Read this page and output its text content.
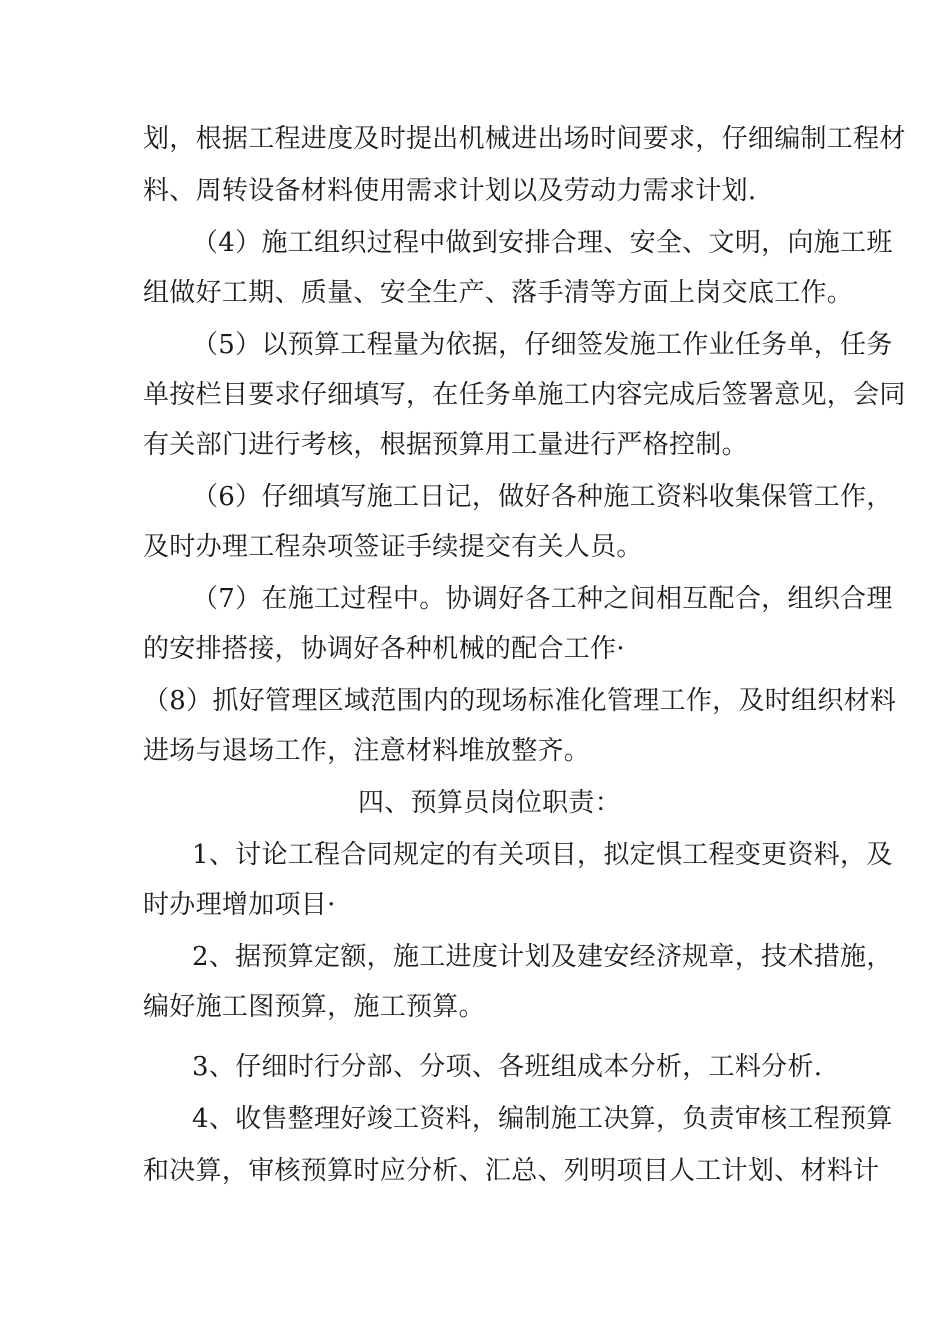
划，根据工程进度及时提出机械进出场时间要求，仔细编制工程材
料、周转设备材料使用需求计划以及劳动力需求计划.
（4）施工组织过程中做到安排合理、安全、文明，向施工班
组做好工期、质量、安全生产、落手清等方面上岗交底工作。
（5）以预算工程量为依据，仔细签发施工作业任务单，任务
单按栏目要求仔细填写，在任务单施工内容完成后签署意见，会同
有关部门进行考核，根据预算用工量进行严格控制。
（6）仔细填写施工日记，做好各种施工资料收集保管工作，
及时办理工程杂项签证手续提交有关人员。
（7）在施工过程中。协调好各工种之间相互配合，组织合理
的安排搭接，协调好各种机械的配合工作·
（8）抓好管理区域范围内的现场标准化管理工作，及时组织材料
进场与退场工作，注意材料堆放整齐。
四、预算员岗位职责：
1、讨论工程合同规定的有关项目，拟定惧工程变更资料，及
时办理增加项目·
2、据预算定额，施工进度计划及建安经济规章，技术措施，
编好施工图预算，施工预算。
3、仔细时行分部、分项、各班组成本分析，工料分析.
4、收售整理好竣工资料，编制施工决算，负责审核工程预算
和决算，审核预算时应分析、汇总、列明项目人工计划、材料计
